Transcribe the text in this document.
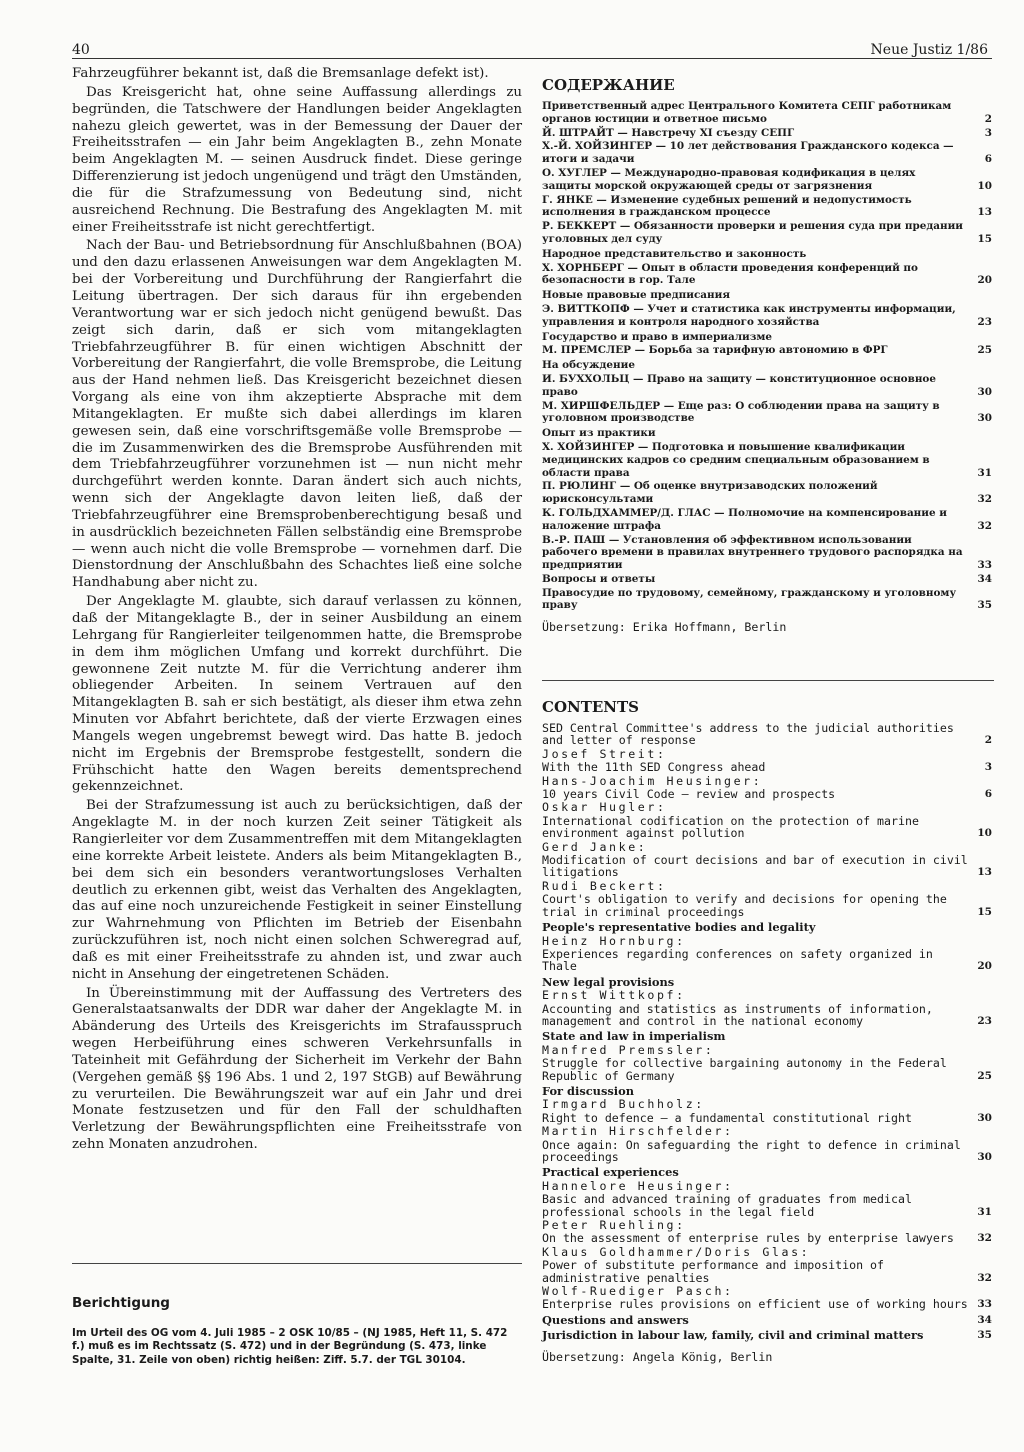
40	Neue Justiz 1/86

Fahrzeugführer bekannt ist, daß die Bremsanlage defekt ist).

Das Kreisgericht hat, ohne seine Auffassung allerdings zu begründen, die Tatschwere der Handlungen beider Angeklagten nahezu gleich gewertet, was in der Bemessung der Dauer der Freiheitsstrafen — ein Jahr beim Angeklagten B., zehn Monate beim Angeklagten M. — seinen Ausdruck findet. Diese geringe Differenzierung ist jedoch ungenügend und trägt den Umständen, die für die Strafzumessung von Bedeutung sind, nicht ausreichend Rechnung. Die Bestrafung des Angeklagten M. mit einer Freiheitsstrafe ist nicht gerechtfertigt.

Nach der Bau- und Betriebsordnung für Anschlußbahnen (BOA) und den dazu erlassenen Anweisungen war dem Angeklagten M. bei der Vorbereitung und Durchführung der Rangierfahrt die Leitung übertragen. Der sich daraus für ihn ergebenden Verantwortung war er sich jedoch nicht genügend bewußt. Das zeigt sich darin, daß er sich vom mitangeklagten Triebfahrzeugführer B. für einen wichtigen Abschnitt der Vorbereitung der Rangierfahrt, die volle Bremsprobe, die Leitung aus der Hand nehmen ließ. Das Kreisgericht bezeichnet diesen Vorgang als eine von ihm akzeptierte Absprache mit dem Mitangeklagten. Er mußte sich dabei allerdings im klaren gewesen sein, daß eine vorschriftsgemäße volle Bremsprobe — die im Zusammenwirken des die Bremsprobe Ausführenden mit dem Triebfahrzeugführer vorzunehmen ist — nun nicht mehr durchgeführt werden konnte. Daran ändert sich auch nichts, wenn sich der Angeklagte davon leiten ließ, daß der Triebfahrzeugführer eine Bremsprobenberechtigung besaß und in ausdrücklich bezeichneten Fällen selbständig eine Bremsprobe — wenn auch nicht die volle Bremsprobe — vornehmen darf. Die Dienstordnung der Anschlußbahn des Schachtes ließ eine solche Handhabung aber nicht zu.

Der Angeklagte M. glaubte, sich darauf verlassen zu können, daß der Mitangeklagte B., der in seiner Ausbildung an einem Lehrgang für Rangierleiter teilgenommen hatte, die Bremsprobe in dem ihm möglichen Umfang und korrekt durchführt. Die gewonnene Zeit nutzte M. für die Verrichtung anderer ihm obliegender Arbeiten. In seinem Vertrauen auf den Mitangeklagten B. sah er sich bestätigt, als dieser ihm etwa zehn Minuten vor Abfahrt berichtete, daß der vierte Erzwagen eines Mangels wegen ungebremst bewegt wird. Das hatte B. jedoch nicht im Ergebnis der Bremsprobe festgestellt, sondern die Frühschicht hatte den Wagen bereits dementsprechend gekennzeichnet.

Bei der Strafzumessung ist auch zu berücksichtigen, daß der Angeklagte M. in der noch kurzen Zeit seiner Tätigkeit als Rangierleiter vor dem Zusammentreffen mit dem Mitangeklagten eine korrekte Arbeit leistete. Anders als beim Mitangeklagten B., bei dem sich ein besonders verantwortungsloses Verhalten deutlich zu erkennen gibt, weist das Verhalten des Angeklagten, das auf eine noch unzureichende Festigkeit in seiner Einstellung zur Wahrnehmung von Pflichten im Betrieb der Eisenbahn zurückzuführen ist, noch nicht einen solchen Schweregrad auf, daß es mit einer Freiheitsstrafe zu ahnden ist, und zwar auch nicht in Ansehung der eingetretenen Schäden.

In Übereinstimmung mit der Auffassung des Vertreters des Generalstaatsanwalts der DDR war daher der Angeklagte M. in Abänderung des Urteils des Kreisgerichts im Strafausspruch wegen Herbeiführung eines schweren Verkehrsunfalls in Tateinheit mit Gefährdung der Sicherheit im Verkehr der Bahn (Vergehen gemäß §§ 196 Abs. 1 und 2, 197 StGB) auf Bewährung zu verurteilen. Die Bewährungszeit war auf ein Jahr und drei Monate festzusetzen und für den Fall der schuldhaften Verletzung der Bewährungspflichten eine Freiheitsstrafe von zehn Monaten anzudrohen.

Berichtigung

Im Urteil des OG vom 4. Juli 1985 – 2 OSK 10/85 – (NJ 1985, Heft 11, S. 472 f.) muß es im Rechtssatz (S. 472) und in der Begründung (S. 473, linke Spalte, 31. Zeile von oben) richtig heißen: Ziff. 5.7. der TGL 30104.

СОДЕРЖАНИЕ
Приветственный адрес Центрального Комитета СЕПГ работникам органов юстиции и ответное письмо	2
Й. ШТРАЙТ — Навстречу XI съезду СЕПГ	3
Х.-Й. ХОЙЗИНГЕР — 10 лет действования Гражданского кодекса — итоги и задачи	6
О. ХУГЛЕР — Международно-правовая кодификация в целях защиты морской окружающей среды от загрязнения	10
Г. ЯНКЕ — Изменение судебных решений и недопустимость исполнения в гражданском процессе	13
Р. БЕККЕРТ — Обязанности проверки и решения суда при предании уголовных дел суду	15
Народное представительство и законность
Х. ХОРНБЕРГ — Опыт в области проведения конференций по безопасности в гор. Тале	20
Новые правовые предписания
Э. ВИТТКОПФ — Учет и статистика как инструменты информации, управления и контроля народного хозяйства	23
Государство и право в империализме
М. ПРЕМСЛЕР — Борьба за тарифную автономию в ФРГ	25
На обсуждение
И. БУХХОЛЬЦ — Право на защиту — конституционное основное право	30
М. ХИРШФЕЛЬДЕР — Еще раз: О соблюдении права на защиту в уголовном производстве	30
Опыт из практики
Х. ХОЙЗИНГЕР — Подготовка и повышение квалификации медицинских кадров со средним специальным образованием в области права	31
П. РЮЛИНГ — Об оценке внутризаводских положений юрисконсультами	32
К. ГОЛЬДХАММЕР/Д. ГЛАС — Полномочие на компенсирование и наложение штрафа	32
В.-Р. ПАШ — Установления об эффективном использовании рабочего времени в правилах внутреннего трудового распорядка на предприятии	33
Вопросы и ответы	34
Правосудие по трудовому, семейному, гражданскому и уголовному праву	35
Übersetzung: Erika Hoffmann, Berlin
CONTENTS
SED Central Committee's address to the judicial authorities and letter of response	2
Josef Streit:
With the 11th SED Congress ahead	3
Hans-Joachim Heusinger:
10 years Civil Code – review and prospects	6
Oskar Hugler:
International codification on the protection of marine environment against pollution	10
Gerd Janke:
Modification of court decisions and bar of execution in civil litigations	13
Rudi Beckert:
Court's obligation to verify and decisions for opening the trial in criminal proceedings	15
People's representative bodies and legality
Heinz Hornburg:
Experiences regarding conferences on safety organized in Thale	20
New legal provisions
Ernst Wittkopf:
Accounting and statistics as instruments of information, management and control in the national economy	23
State and law in imperialism
Manfred Premssler:
Struggle for collective bargaining autonomy in the Federal Republic of Germany	25
For discussion
Irmgard Buchholz:
Right to defence – a fundamental constitutional right	30
Martin Hirschfelder:
Once again: On safeguarding the right to defence in criminal proceedings	30
Practical experiences
Hannelore Heusinger:
Basic and advanced training of graduates from medical professional schools in the legal field	31
Peter Ruehling:
On the assessment of enterprise rules by enterprise lawyers 32
Klaus Goldhammer/Doris Glas:
Power of substitute performance and imposition of administrative penalties	32
Wolf-Ruediger Pasch:
Enterprise rules provisions on efficient use of working hours 33
Questions and answers	34
Jurisdiction in labour law, family, civil and criminal matters	35
Übersetzung: Angela König, Berlin
